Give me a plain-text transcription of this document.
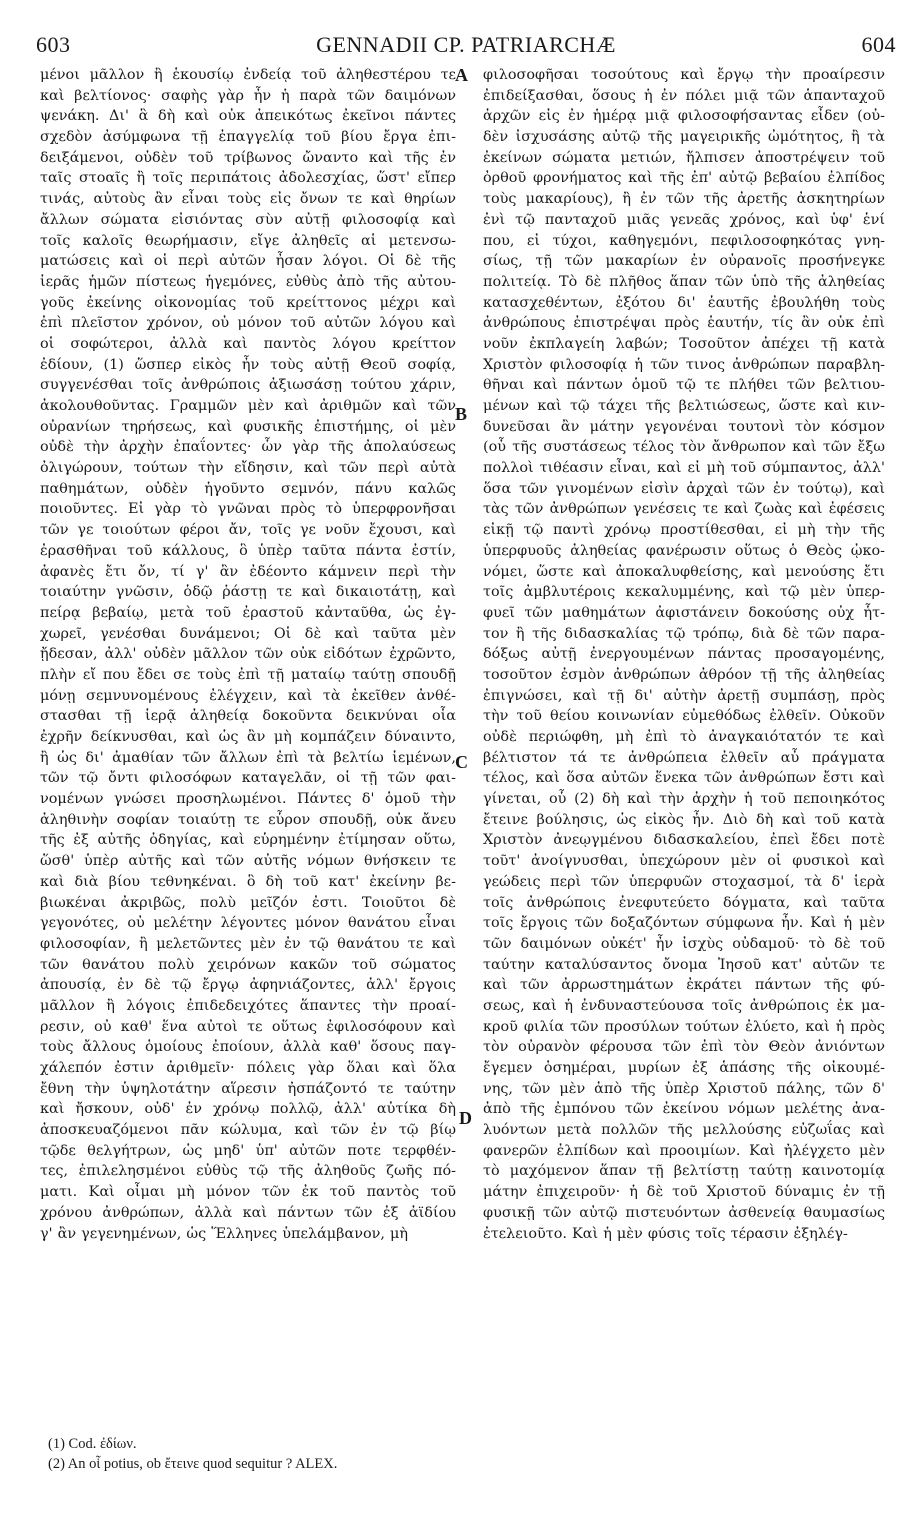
603	GENNADII CP. PATRIARCHÆ	604
μένοι μᾶλλον ἢ ἑκουσίῳ ἐνδείᾳ τοῦ ἀληθεστέρου τε
καὶ βελτίονος· σαφὴς γὰρ ἦν ἡ παρὰ τῶν δαιμόνων
ψενάκη. Δι' ἃ δὴ καὶ οὐκ ἀπεικότως ἐκεῖνοι πάντες
σχεδὸν ἀσύμφωνα τῇ ἐπαγγελίᾳ τοῦ βίου ἔργα ἐπι-
δειξάμενοι, οὐδὲν τοῦ τρίβωνος ὤναντο καὶ τῆς ἐν
ταῖς στοαῖς ἢ τοῖς περιπάτοις ἀδολεσχίας, ὥστ' εἴπερ
τινάς, αὐτοὺς ἂν εἶναι τοὺς εἰς ὄνων τε καὶ θηρίων
ἄλλων σώματα εἰσιόντας σὺν αὐτῇ φιλοσοφίᾳ καὶ
τοῖς καλοῖς θεωρήμασιν, εἴγε ἀληθεῖς αἱ μετενσω-
ματώσεις καὶ οἱ περὶ αὐτῶν ἦσαν λόγοι. Οἱ δὲ τῆς
ἱερᾶς ἡμῶν πίστεως ἡγεμόνες, εὐθὺς ἀπὸ τῆς αὐτου-
γοῦς ἐκείνης οἰκονομίας τοῦ κρείττονος μέχρι καὶ
ἐπὶ πλεῖστον χρόνον, οὐ μόνον τοῦ αὐτῶν λόγου καὶ
οἱ σοφώτεροι, ἀλλὰ καὶ παντὸς λόγου κρείττον
ἐδίουν, (1) ὥσπερ εἰκὸς ἦν τοὺς αὐτῇ Θεοῦ σοφίᾳ,
συγγενέσθαι τοῖς ἀνθρώποις ἀξιωσάσῃ τούτου χάριν,
ἀκολουθοῦντας. Γραμμῶν μὲν καὶ ἀριθμῶν καὶ τῶν
οὐρανίων τηρήσεως, καὶ φυσικῆς ἐπιστήμης, οἱ μὲν
οὐδὲ τὴν ἀρχὴν ἐπαΐοντες· ὧν γὰρ τῆς ἀπολαύσεως
ὀλιγώρουν, τούτων τὴν εἴδησιν, καὶ τῶν περὶ αὐτὰ
παθημάτων, οὐδὲν ἡγοῦντο σεμνόν, πάνυ καλῶς
ποιοῦντες. Εἰ γὰρ τὸ γνῶναι πρὸς τὸ ὑπερφρονῆσαι
τῶν γε τοιούτων φέροι ἄν, τοῖς γε νοῦν ἔχουσι, καὶ
ἐρασθῆναι τοῦ κάλλους, ὃ ὑπὲρ ταῦτα πάντα ἐστίν,
ἀφανὲς ἔτι ὄν, τί γ' ἂν ἐδέοντο κάμνειν περὶ τὴν
τοιαύτην γνῶσιν, ὁδῷ ῥάστῃ τε καὶ δικαιοτάτῃ, καὶ
πείρᾳ βεβαίῳ, μετὰ τοῦ ἐραστοῦ κἀνταῦθα, ὡς ἐγ-
χωρεῖ, γενέσθαι δυνάμενοι; Οἱ δὲ καὶ ταῦτα μὲν
ᾔδεσαν, ἀλλ' οὐδὲν μᾶλλον τῶν οὐκ εἰδότων ἐχρῶντο,
πλὴν εἴ που ἔδει σε τοὺς ἐπὶ τῇ ματαίῳ ταύτῃ σπουδῇ
μόνῃ σεμνυνομένους ἐλέγχειν, καὶ τὰ ἐκεῖθεν ἀνθέ-
στασθαι τῇ ἱερᾷ ἀληθείᾳ δοκοῦντα δεικνύναι οἷα
ἐχρῆν δείκνυσθαι, καὶ ὡς ἂν μὴ κομπάζειν δύναιντο,
ἢ ὡς δι' ἀμαθίαν τῶν ἄλλων ἐπὶ τὰ βελτίω ἱεμένων,
τῶν τῷ ὄντι φιλοσόφων καταγελᾶν, οἱ τῇ τῶν φαι-
νομένων γνώσει προσηλωμένοι. Πάντες δ' ὁμοῦ τὴν
ἀληθινὴν σοφίαν τοιαύτῃ τε εὗρον σπουδῇ, οὐκ ἄνευ
τῆς ἐξ αὐτῆς ὁδηγίας, καὶ εὑρημένην ἐτίμησαν οὕτω,
ὥσθ' ὑπὲρ αὐτῆς καὶ τῶν αὐτῆς νόμων θνήσκειν τε
καὶ διὰ βίου τεθνηκέναι. ὃ δὴ τοῦ κατ' ἐκείνην βε-
βιωκέναι ἀκριβῶς, πολὺ μεῖζόν ἐστι. Τοιοῦτοι δὲ
γεγονότες, οὐ μελέτην λέγοντες μόνον θανάτου εἶναι
φιλοσοφίαν, ἢ μελετῶντες μὲν ἐν τῷ θανάτου τε καὶ
τῶν θανάτου πολὺ χειρόνων κακῶν τοῦ σώματος
ἀπουσίᾳ, ἐν δὲ τῷ ἔργῳ ἀφηνιάζοντες, ἀλλ' ἔργοις
μᾶλλον ἢ λόγοις ἐπιδεδειχότες ἅπαντες τὴν προαί-
ρεσιν, οὐ καθ' ἕνα αὐτοὶ τε οὕτως ἐφιλοσόφουν καὶ
τοὺς ἄλλους ὁμοίους ἐποίουν, ἀλλὰ καθ' ὅσους παγ-
χάλεπόν ἐστιν ἀριθμεῖν· πόλεις γὰρ ὅλαι καὶ ὅλα
ἔθνη τὴν ὑψηλοτάτην αἵρεσιν ἠσπάζοντό τε ταύτην
καὶ ἤσκουν, οὐδ' ἐν χρόνῳ πολλῷ, ἀλλ' αὐτίκα δὴ
ἀποσκευαζόμενοι πᾶν κώλυμα, καὶ τῶν ἐν τῷ βίῳ
τῷδε θελγήτρων, ὡς μηδ' ὑπ' αὐτῶν ποτε τερφθέν-
τες, ἐπιλελησμένοι εὐθὺς τῷ τῆς ἀληθοῦς ζωῆς πό-
ματι. Καὶ οἶμαι μὴ μόνον τῶν ἐκ τοῦ παντὸς τοῦ
χρόνου ἀνθρώπων, ἀλλὰ καὶ πάντων τῶν ἐξ ἀϊδίου
γ' ἂν γεγενημένων, ὡς Ἕλληνες ὑπελάμβανον, μὴ
φιλοσοφῆσαι τοσούτους καὶ ἔργῳ τὴν προαίρεσιν
ἐπιδείξασθαι, ὅσους ἡ ἐν πόλει μιᾷ τῶν ἁπανταχοῦ
ἀρχῶν εἰς ἐν ἡμέρᾳ μιᾷ φιλοσοφήσαντας εἶδεν (οὐ-
δὲν ἰσχυσάσης αὐτῷ τῆς μαγειρικῆς ὠμότητος, ἢ τὰ
ἐκείνων σώματα μετιών, ἤλπισεν ἀποστρέψειν τοῦ
ὀρθοῦ φρονήματος καὶ τῆς ἐπ' αὐτῷ βεβαίου ἐλπίδος
τοὺς μακαρίους), ἢ ἐν τῶν τῆς ἀρετῆς ἀσκητηρίων
ἐνὶ τῷ πανταχοῦ μιᾶς γενεᾶς χρόνος, καὶ ὑφ' ἑνί
που, εἰ τύχοι, καθηγεμόνι, πεφιλοσοφηκότας γνη-
σίως, τῇ τῶν μακαρίων ἐν οὐρανοῖς προσήνεγκε
πολιτείᾳ. Τὸ δὲ πλῆθος ἅπαν τῶν ὑπὸ τῆς ἀληθείας
κατασχεθέντων, ἐξότου δι' ἑαυτῆς ἐβουλήθη τοὺς
ἀνθρώπους ἐπιστρέψαι πρὸς ἑαυτήν, τίς ἂν οὐκ ἐπὶ
νοῦν ἐκπλαγείη λαβών; Τοσοῦτον ἀπέχει τῇ κατὰ
Χριστὸν φιλοσοφίᾳ ἡ τῶν τινος ἀνθρώπων παραβλη-
θῆναι καὶ πάντων ὁμοῦ τῷ τε πλήθει τῶν βελτιου-
μένων καὶ τῷ τάχει τῆς βελτιώσεως, ὥστε καὶ κιν-
δυνεῦσαι ἂν μάτην γεγονέναι τουτονὶ τὸν κόσμον
(οὗ τῆς συστάσεως τέλος τὸν ἄνθρωπον καὶ τῶν ἔξω
πολλοὶ τιθέασιν εἶναι, καὶ εἰ μὴ τοῦ σύμπαντος, ἀλλ'
ὅσα τῶν γινομένων εἰσὶν ἀρχαὶ τῶν ἐν τούτῳ), καὶ
τὰς τῶν ἀνθρώπων γενέσεις τε καὶ ζωὰς καὶ ἐφέσεις
εἰκῇ τῷ παντὶ χρόνῳ προστίθεσθαι, εἰ μὴ τὴν τῆς
ὑπερφυοῦς ἀληθείας φανέρωσιν οὕτως ὁ Θεὸς ᾠκο-
νόμει, ὥστε καὶ ἀποκαλυφθείσης, καὶ μενούσης ἔτι
τοῖς ἀμβλυτέροις κεκαλυμμένης, καὶ τῷ μὲν ὑπερ-
φυεῖ τῶν μαθημάτων ἀφιστάνειν δοκούσης οὐχ ἧτ-
τον ἢ τῆς διδασκαλίας τῷ τρόπῳ, διὰ δὲ τῶν παρα-
δόξως αὐτῇ ἐνεργουμένων πάντας προσαγομένης,
τοσοῦτον ἐσμὸν ἀνθρώπων ἀθρόον τῇ τῆς ἀληθείας
ἐπιγνώσει, καὶ τῇ δι' αὐτὴν ἀρετῇ συμπάσῃ, πρὸς
τὴν τοῦ θείου κοινωνίαν εὐμεθόδως ἐλθεῖν. Οὐκοῦν
οὐδὲ περιώφθη, μὴ ἐπὶ τὸ ἀναγκαιότατόν τε καὶ
βέλτιστον τά τε ἀνθρώπεια ἐλθεῖν αὖ πράγματα
τέλος, καὶ ὅσα αὐτῶν ἕνεκα τῶν ἀνθρώπων ἔστι καὶ
γίνεται, οὗ (2) δὴ καὶ τὴν ἀρχὴν ἡ τοῦ πεποιηκότος
ἔτεινε βούλησις, ὡς εἰκὸς ἦν. Διὸ δὴ καὶ τοῦ κατὰ
Χριστὸν ἀνεῳγμένου διδασκαλείου, ἐπεὶ ἔδει ποτὲ
τοῦτ' ἀνοίγνυσθαι, ὑπεχώρουν μὲν οἱ φυσικοὶ καὶ
γεώδεις περὶ τῶν ὑπερφυῶν στοχασμοί, τὰ δ' ἱερὰ
τοῖς ἀνθρώποις ἐνεφυτεύετο δόγματα, καὶ ταῦτα
τοῖς ἔργοις τῶν δοξαζόντων σύμφωνα ἦν. Καὶ ἡ μὲν
τῶν δαιμόνων οὐκέτ' ἦν ἰσχὺς οὐδαμοῦ· τὸ δὲ τοῦ
ταύτην καταλύσαντος ὄνομα Ἰησοῦ κατ' αὐτῶν τε
καὶ τῶν ἀρρωστημάτων ἐκράτει πάντων τῆς φύ-
σεως, καὶ ἡ ἐνδυναστεύουσα τοῖς ἀνθρώποις ἐκ μα-
κροῦ φιλία τῶν προσύλων τούτων ἐλύετο, καὶ ἡ πρὸς
τὸν οὐρανὸν φέρουσα τῶν ἐπὶ τὸν Θεὸν ἀνιόντων
ἔγεμεν ὁσημέραι, μυρίων ἐξ ἁπάσης τῆς οἰκουμέ-
νης, τῶν μὲν ἀπὸ τῆς ὑπὲρ Χριστοῦ πάλης, τῶν δ'
ἀπὸ τῆς ἐμπόνου τῶν ἐκείνου νόμων μελέτης ἀνα-
λυόντων μετὰ πολλῶν τῆς μελλούσης εὐζωΐας καὶ
φανερῶν ἐλπίδων καὶ προοιμίων. Καὶ ἠλέγχετο μὲν
τὸ μαχόμενον ἅπαν τῇ βελτίστῃ ταύτῃ καινοτομίᾳ
μάτην ἐπιχειροῦν· ἡ δὲ τοῦ Χριστοῦ δύναμις ἐν τῇ
φυσικῇ τῶν αὐτῷ πιστευόντων ἀσθενείᾳ θαυμασίως
ἐτελειοῦτο. Καὶ ἡ μὲν φύσις τοῖς τέρασιν ἐξηλέγ-
A
B
C
D
(1) Cod. ἐδίων.
(2) An οἷ potius, ob ἔτεινε quod sequitur ? ALEX.
